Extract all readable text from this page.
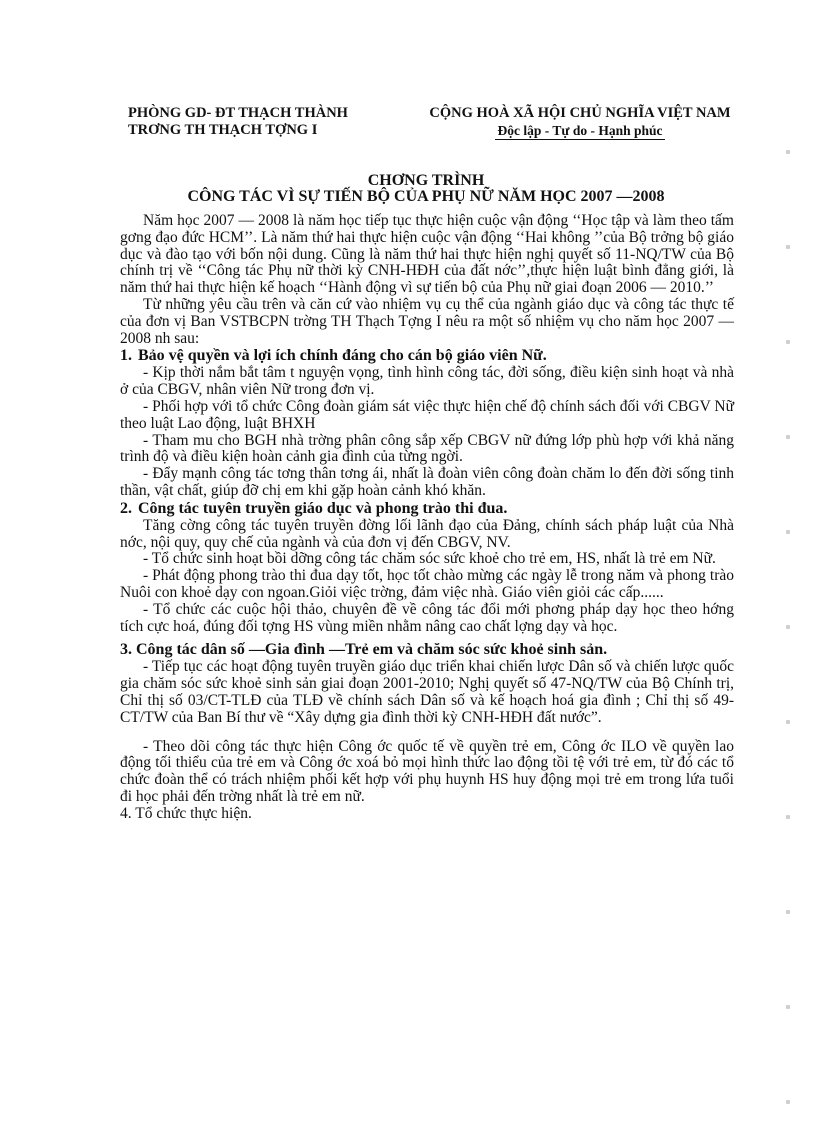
PHÒNG GD- ĐT THẠCH THÀNH
TRƠNG TH THẠCH TỢNG I
CỘNG HOÀ XÃ HỘI CHỦ NGHĨA VIỆT NAM
Độc lập - Tự do - Hạnh phúc
CHƠNG TRÌNH
CÔNG TÁC VÌ SỰ TIẾN BỘ CỦA PHỤ NỮ NĂM HỌC 2007 —2008

Năm học 2007 — 2008 là năm học tiếp tục thực hiện cuộc vận động ‘‘Học tập và làm theo tấm gơng đạo đức HCM’’. Là năm thứ hai thực hiện cuộc vận động ‘‘Hai không ’’của Bộ trởng bộ giáo dục và đào tạo với bốn nội dung. Cũng là năm thứ hai thực hiện nghị quyết số 11-NQ/TW của Bộ chính trị về ‘‘Công tác Phụ nữ thời kỳ CNH-HĐH của đất nớc’’,thực hiện luật bình đẳng giới, là năm thứ hai thực hiện kế hoạch ‘‘Hành động vì sự tiến bộ của Phụ nữ giai đoạn 2006 — 2010.’’

Từ những yêu cầu trên và căn cứ vào nhiệm vụ cụ thể của ngành giáo dục và công tác thực tế của đơn vị Ban VSTBCPN trờng TH Thạch Tợng I nêu ra một số nhiệm vụ cho năm học 2007 — 2008 nh sau:

1. Bảo vệ quyền và lợi ích chính đáng cho cán bộ giáo viên Nữ.

- Kịp thời nắm bắt tâm t nguyện vọng, tình hình công tác, đời sống, điều kiện sinh hoạt và nhà ở của CBGV, nhân viên Nữ trong đơn vị.

- Phối hợp với tổ chức Công đoàn giám sát việc thực hiện chế độ chính sách đối với CBGV Nữ theo luật Lao động, luật BHXH

- Tham mu cho BGH nhà trờng phân công sắp xếp CBGV nữ đứng lớp phù hợp với khả năng trình độ và điều kiện hoàn cảnh gia đình của từng ngời.

- Đẩy mạnh công tác tơng thân tơng ái, nhất là đoàn viên công đoàn chăm lo đến đời sống tinh thần, vật chất, giúp đỡ chị em khi gặp hoàn cảnh khó khăn.

2. Công tác tuyên truyền giáo dục và phong trào thi đua.

Tăng cờng công tác tuyên truyền đờng lối lãnh đạo của Đảng, chính sách pháp luật của Nhà nớc, nội quy, quy chế của ngành và của đơn vị đến CBGV, NV.

- Tổ chức sinh hoạt bồi dỡng công tác chăm sóc sức khoẻ cho trẻ em, HS, nhất là trẻ em Nữ.

- Phát động phong trào thi đua dạy tốt, học tốt chào mừng các ngày lễ trong năm và phong trào Nuôi con khoẻ dạy con ngoan.Giỏi việc trờng, đảm việc nhà. Giáo viên giỏi các cấp......

- Tổ chức các cuộc hội thảo, chuyên đề về công tác đổi mới phơng pháp dạy học theo hớng tích cực hoá, đúng đối tợng HS vùng miền nhằm nâng cao chất lợng dạy và học.

3. Công tác dân số —Gia đình —Trẻ em và chăm sóc sức khoẻ sinh sản.

- Tiếp tục các hoạt động tuyên truyền giáo dục triển khai chiến lược Dân số và chiến lược quốc gia chăm sóc sức khoẻ sinh sản giai đoạn 2001-2010; Nghị quyết số 47-NQ/TW của Bộ Chính trị, Chỉ thị số 03/CT-TLĐ của TLĐ về chính sách Dân số và kế hoạch hoá gia đình ; Chỉ thị số 49-CT/TW của Ban Bí thư về “Xây dựng gia đình thời kỳ CNH-HĐH đất nước”.

- Theo dõi công tác thực hiện Công ớc quốc tế về quyền trẻ em, Công ớc ILO về quyền lao động tối thiểu của trẻ em và Công ớc xoá bỏ mọi hình thức lao động tồi tệ với trẻ em, từ đó các tổ chức đoàn thể có trách nhiệm phối kết hợp với phụ huynh HS huy động mọi trẻ em trong lứa tuổi đi học phải đến trờng nhất là trẻ em nữ.

4. Tổ chức thực hiện.
